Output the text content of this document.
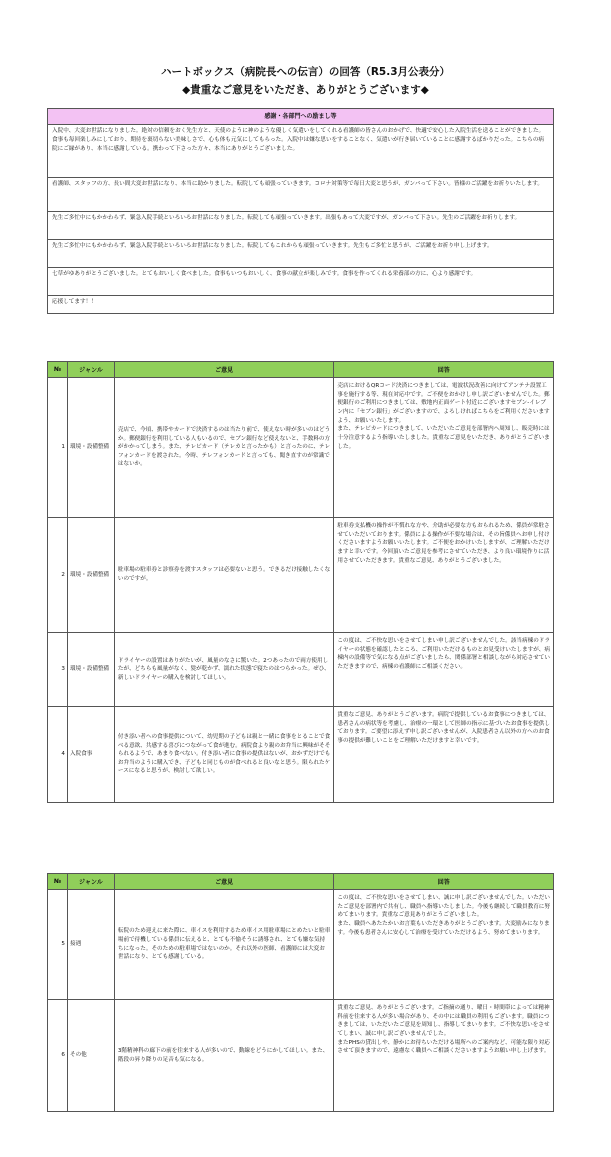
ハートボックス（病院長への伝言）の回答（R5.3月公表分）
◆貴重なご意見をいただき、ありがとうございます◆
感謝・各部門への励まし等
入院中、大変お世話になりました。絶対の信頼をおく先生方と、天使のように神のような優しく気遣いをしてくれる看護師の皆さんのおかげで、快適で安心した入院生活を送ることができました。食事も毎回楽しみにしており、期待を裏切らない美味しさで、心も体も元気にしてもらった。入院中は嫌な思いをすることなく、気遣いが行き届いていることに感謝するばかりだった。こちらの病院にご縁があり、本当に感謝している。携わって下さった方々、本当にありがとうございました。
看護師、スタッフの方、長い間大変お世話になり、本当に助かりました。転院しても頑張っていきます。コロナ対策等で毎日大変と思うが、ガンバって下さい。皆様のご活躍をお祈りいたします。
先生ご多忙中にもかかわらず、緊急入院手続といろいろお世話になりました。転院しても頑張っていきます。出張もあって大変ですが、ガンバって下さい。先生のご活躍をお祈りします。
先生ご多忙中にもかかわらず、緊急入院手続といろいろお世話になりました。転院してもこれからも頑張っていきます。先生もご多忙と思うが、ご活躍をお祈り申し上げます。
七草がゆありがとうございました。とてもおいしく食べました。食事もいつもおいしく、食事の献立が楽しみです。食事を作ってくれる栄養部の方に、心より感謝です。
応援してます！！
№	ジャンル	ご意見	回答
1	環境・設備整備	売店で、今頃、携帯やカードで決済するのは当たり前で、使えない時が多いのはどうか。郵便銀行を利用している人もいるので、セブン銀行など使えないと、手数料の方がかかってしまう。また、テレビカード（テレカと言ったかも）と言ったのに、テレフォンカードを渡された。今時、テレフォンカードと言っても、聞き直すのが常識ではないか。	売店におけるQRコード決済につきましては、電波状況改善に向けてアンテナ設置工事を施行する等、現在対応中です。ご不便をおかけし申し訳ございませんでした。郵便銀行のご利用につきましては、敷地内正面ゲート付近にございますセブン-イレブン内に「セブン銀行」がございますので、よろしければこちらをご利用くださいますよう、お願いいたします。
また、テレビカードにつきまして、いただいたご意見を部署内へ周知し、販売時には十分注意するよう指導いたしました。貴重なご意見をいただき、ありがとうございました。
2	環境・設備整備	駐車場の駐車券と診察券を渡すスタッフは必要ないと思う。できるだけ接触したくないのですが。	駐車券支払機の操作が不慣れな方や、介助が必要な方もおられるため、係員が常駐させていただいております。係員による操作が不要な場合は、その旨係員へお申し付けくださいますようお願いいたします。ご不便をおかけいたしますが、ご理解いただけますと幸いです。今回頂いたご意見を参考にさせていただき、より良い環境作りに活用させていただきます。貴重なご意見、ありがとうございました。
3	環境・設備整備	ドライヤーの設置はありがたいが、風量のなさに驚いた。2つあったので両方使用したが、どちらも風量がなく、髪が乾かず、濡れた状態で寝たのはつらかった。ぜひ、新しいドライヤーの購入を検討してほしい。	この度は、ご不快な思いをさせてしまい申し訳ございませんでした。該当病棟のドライヤーの状態を確認したところ、ご利用いただけるものとお見受けいたしますが、病棟内の設備等で気になる点がございましたら、関係部署と相談しながら対応させていただきますので、病棟の看護師にご相談ください。
4	入院食事	付き添い者への食事提供について、幼児期の子どもは親と一緒に食事をとることで食べる意欲、共感する喜びにつながって食が進む。病院食より親のお弁当に興味がそそられるようで、あまり食べない。付き添い者に食事の提供はないが、おかずだけでもお弁当のように購入でき、子どもと同じものが食べれると良いなと思う。限られたケースになると思うが、検討して欲しい。	貴重なご意見、ありがとうございます。病院で提供しているお食事につきましては、患者さんの病状等を考慮し、治療の一環として医師の指示に基づいたお食事を提供しております。ご要望に添えず申し訳ございませんが、入院患者さん以外の方へのお食事の提供が難しいことをご理解いただけますと幸いです。
№	ジャンル	ご意見	回答
5	接遇	転院のため迎えに来た際に、車イスを利用するため車イス用駐車場にとめたいと駐車場前で待機している係員に伝えると、とても不愉そうに誘導され、とても嫌な気持ちになった。そのための駐車場ではないのか。それ以外の医師、看護師には大変お世話になり、とても感謝している。	この度は、ご不快な思いをさせてしまい、誠に申し訳ございませんでした。いただいたご意見を部署内で共有し、職員へ指導いたしました。今後も継続して職員教育に努めてまいります。貴重なご意見ありがとうございました。
また、職員へあたたかいお言葉もいただきありがとうございます。大変励みになります。今後も患者さんに安心して治療を受けていただけるよう、努めてまいります。
6	その他	3階精神科の廊下の前を往来する人が多いので、動線をどうにかしてほしい。また、階段の昇り降りの足音も気になる。	貴重なご意見、ありがとうございます。ご指摘の通り、曜日・時間帯によっては精神科前を往来する人が多い場合があり、その中には職員の利用もございます。職員につきましては、いただいたご意見を周知し、指導してまいります。ご不快な思いをさせてしまい、誠に申し訳ございませんでした。
またPHSの貸出しや、静かにお待ちいただける場所へのご案内など、可能な限り対応させて頂きますので、遠慮なく職員へご相談くださいますようお願い申し上げます。
